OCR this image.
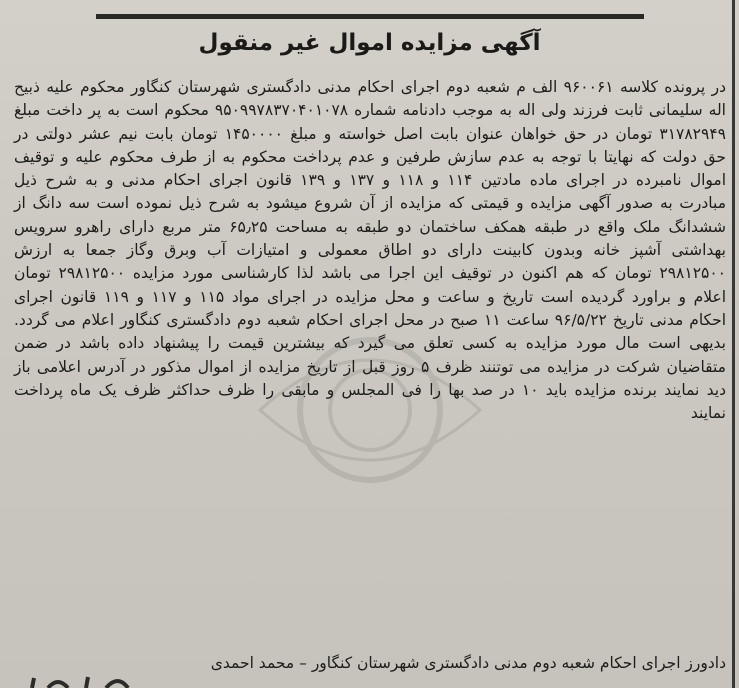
آگهی مزایده اموال غیر منقول
در پرونده کلاسه ۹۶۰۰۶۱ الف م شعبه دوم اجرای احکام مدنی دادگستری شهرستان کنگاور محکوم علیه ذبیح اله سلیمانی ثابت فرزند ولی اله به موجب دادنامه شماره ۹۵۰۹۹۷۸۳۷۰۴۰۱۰۷۸ محکوم است به پر داخت مبلغ ۳۱۷۸۲۹۴۹ تومان در حق خواهان عنوان بابت اصل خواسته و مبلغ ۱۴۵۰۰۰۰ تومان بابت نیم عشر دولتی در حق دولت که نهایتا با توجه به عدم سازش طرفین و عدم پرداخت محکوم به از طرف محکوم علیه و توقیف اموال نامبرده در اجرای ماده مادتین ۱۱۴ و ۱۱۸ و ۱۳۷ و ۱۳۹ قانون اجرای احکام مدنی و به شرح ذیل مبادرت به صدور آگهی مزایده و قیمتی که مزایده از آن شروع میشود به شرح ذیل نموده است سه دانگ از ششدانگ ملک واقع در طبقه همکف ساختمان دو طبقه به مساحت ۶۵٫۲۵ متر مربع دارای راهرو سرویس بهداشتی آشپز خانه وبدون کابینت دارای دو اطاق معمولی و امتیازات آب وبرق وگاز جمعا به ارزش ۲۹۸۱۲۵۰۰ تومان که هم اکنون در توقیف این اجرا می باشد لذا کارشناسی مورد مزایده ۲۹۸۱۲۵۰۰ تومان اعلام و براورد گردیده است تاریخ و ساعت و محل مزایده در اجرای مواد ۱۱۵ و ۱۱۷ و ۱۱۹ قانون اجرای احکام مدنی تاریخ ۹۶/۵/۲۲ ساعت ۱۱ صبح در محل اجرای احکام شعبه دوم دادگستری کنگاور اعلام می گردد. بدیهی است مال مورد مزایده به کسی تعلق می گیرد که بیشترین قیمت را پیشنهاد داده باشد در ضمن متقاضیان شرکت در مزایده می توتنند ظرف ۵ روز قبل از تاریخ مزایده از اموال مذکور در آدرس اعلامی باز دید نمایند برنده مزایده باید ۱۰ در صد بها را فی المجلس و مابقی را ظرف حداکثر ظرف یک ماه پرداخت نمایند
دادورز اجرای احکام شعبه دوم مدنی دادگستری شهرستان کنگاور – محمد احمدی
